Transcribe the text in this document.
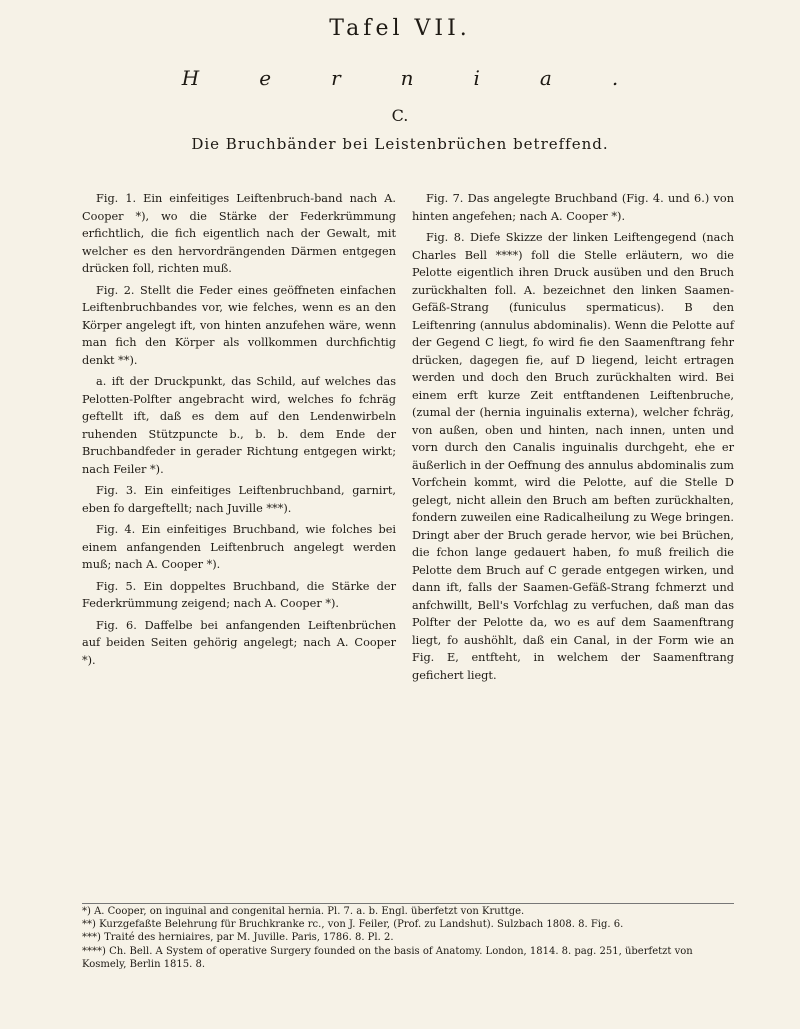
Tafel VII.
Hernia.
C.
Die Bruchbänder bei Leistenbrüchen betreffend.

Fig. 1. Ein einfeitiges Leiftenbruch-band nach A. Cooper *), wo die Stärke der Federkrümmung erfichtlich, die fich eigentlich nach der Gewalt, mit welcher es den hervordrängenden Därmen entgegen drücken foll, richten muß.

Fig. 2. Stellt die Feder eines geöffneten einfachen Leiftenbruchbandes vor, wie felches, wenn es an den Körper angelegt ift, von hinten anzufehen wäre, wenn man fich den Körper als vollkommen durchfichtig denkt **).

a. ift der Druckpunkt, das Schild, auf welches das Pelotten-Polfter angebracht wird, welches fo fchräg geftellt ift, daß es dem auf den Lendenwirbeln ruhenden Stützpuncte b., b. b. dem Ende der Bruchbandfeder in gerader Richtung entgegen wirkt; nach Feiler *).

Fig. 3. Ein einfeitiges Leiftenbruchband, garnirt, eben fo dargeftellt; nach Juville ***).

Fig. 4. Ein einfeitiges Bruchband, wie folches bei einem anfangenden Leiftenbruch angelegt werden muß; nach A. Cooper *).

Fig. 5. Ein doppeltes Bruchband, die Stärke der Federkrümmung zeigend; nach A. Cooper *).

Fig. 6. Daffelbe bei anfangenden Leiftenbrüchen auf beiden Seiten gehörig angelegt; nach A. Cooper *).

Fig. 7. Das angelegte Bruchband (Fig. 4. und 6.) von hinten angefehen; nach A. Cooper *).

Fig. 8. Diefe Skizze der linken Leiftengegend (nach Charles Bell ****) foll die Stelle erläutern, wo die Pelotte eigentlich ihren Druck ausüben und den Bruch zurückhalten foll. A. bezeichnet den linken Saamen-Gefäß-Strang (funiculus spermaticus). B den Leiftenring (annulus abdominalis). Wenn die Pelotte auf der Gegend C liegt, fo wird fie den Saamenftrang fehr drücken, dagegen fie, auf D liegend, leicht ertragen werden und doch den Bruch zurückhalten wird. Bei einem erft kurze Zeit entftandenen Leiftenbruche, (zumal der (hernia inguinalis externa), welcher fchräg, von außen, oben und hinten, nach innen, unten und vorn durch den Canalis inguinalis durchgeht, ehe er äußerlich in der Oeffnung des annulus abdominalis zum Vorfchein kommt, wird die Pelotte, auf die Stelle D gelegt, nicht allein den Bruch am beften zurückhalten, fondern zuweilen eine Radicalheilung zu Wege bringen. Dringt aber der Bruch gerade hervor, wie bei Brüchen, die fchon lange gedauert haben, fo muß freilich die Pelotte dem Bruch auf C gerade entgegen wirken, und dann ift, falls der Saamen-Gefäß-Strang fchmerzt und anfchwillt, Bell's Vorfchlag zu verfuchen, daß man das Polfter der Pelotte da, wo es auf dem Saamenftrang liegt, fo aushöhlt, daß ein Canal, in der Form wie an Fig. E, entfteht, in welchem der Saamenftrang gefichert liegt.

*) A. Cooper, on inguinal and congenital hernia. Pl. 7. a. b. Engl. überfetzt von Kruttge.
**) Kurzgefaßte Belehrung für Bruchkranke rc., von J. Feiler, (Prof. zu Landshut). Sulzbach 1808. 8. Fig. 6.
***) Traité des herniaires, par M. Juville. Paris, 1786. 8. Pl. 2.
****) Ch. Bell. A System of operative Surgery founded on the basis of Anatomy. London, 1814. 8. pag. 251, überfetzt von Kosmely, Berlin 1815. 8.
